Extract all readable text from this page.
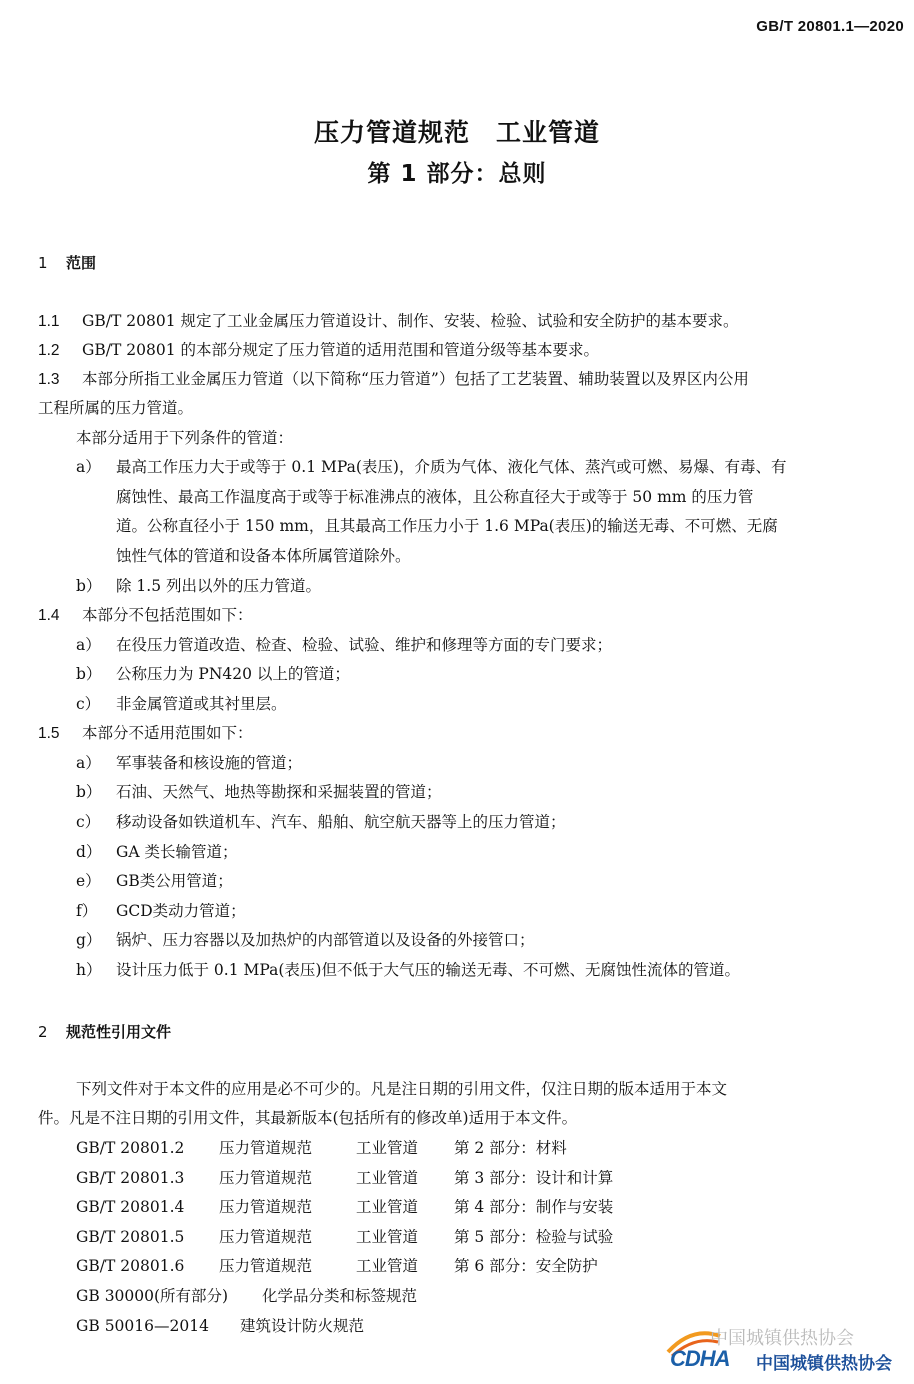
GB/T 20801.1—2020
压力管道规范　工业管道
第 1 部分：总则
1 范围
1.1 GB/T 20801 规定了工业金属压力管道设计、制作、安装、检验、试验和安全防护的基本要求。
1.2 GB/T 20801 的本部分规定了压力管道的适用范围和管道分级等基本要求。
1.3 本部分所指工业金属压力管道（以下简称“压力管道”）包括了工艺装置、辅助装置以及界区内公用
工程所属的压力管道。
本部分适用于下列条件的管道：
a） 最高工作压力大于或等于 0.1 MPa(表压)，介质为气体、液化气体、蒸汽或可燃、易爆、有毒、有
腐蚀性、最高工作温度高于或等于标准沸点的液体，且公称直径大于或等于 50 mm 的压力管
道。公称直径小于 150 mm，且其最高工作压力小于 1.6 MPa(表压)的输送无毒、不可燃、无腐
蚀性气体的管道和设备本体所属管道除外。
b） 除 1.5 列出以外的压力管道。
1.4 本部分不包括范围如下：
a） 在役压力管道改造、检查、检验、试验、维护和修理等方面的专门要求；
b） 公称压力为 PN420 以上的管道；
c） 非金属管道或其衬里层。
1.5 本部分不适用范围如下：
a） 军事装备和核设施的管道；
b） 石油、天然气、地热等勘探和采掘装置的管道；
c） 移动设备如铁道机车、汽车、船舶、航空航天器等上的压力管道；
d） GA 类长输管道；
e） GB类公用管道；
f） GCD类动力管道；
g） 锅炉、压力容器以及加热炉的内部管道以及设备的外接管口；
h） 设计压力低于 0.1 MPa(表压)但不低于大气压的输送无毒、不可燃、无腐蚀性流体的管道。
2 规范性引用文件
下列文件对于本文件的应用是必不可少的。凡是注日期的引用文件，仅注日期的版本适用于本文
件。凡是不注日期的引用文件，其最新版本(包括所有的修改单)适用于本文件。
GB/T 20801.2 压力管道规范	工业管道 第 2 部分：材料
GB/T 20801.3 压力管道规范	工业管道 第 3 部分：设计和计算
GB/T 20801.4 压力管道规范	工业管道 第 4 部分：制作与安装
GB/T 20801.5 压力管道规范	工业管道 第 5 部分：检验与试验
GB/T 20801.6 压力管道规范	工业管道 第 6 部分：安全防护
GB 30000(所有部分) 化学品分类和标签规范
GB 50016—2014 建筑设计防火规范
CDHA
中国城镇供热协会
中国城镇供热协会
